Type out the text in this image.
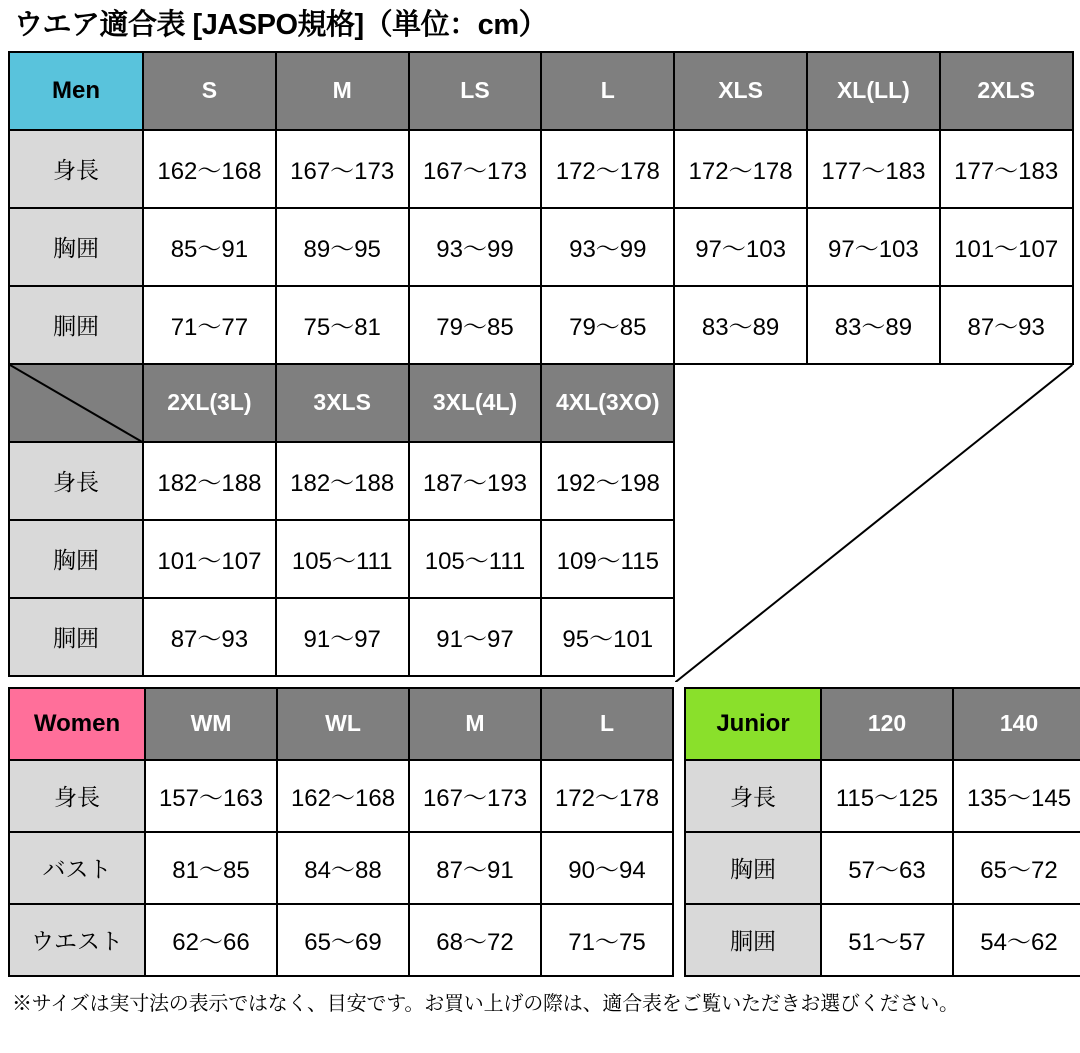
ウエア適合表 [JASPO規格]（単位：cm）
Men	S	M	LS	L	XLS	XL(LL)	2XLS
身長	162〜168	167〜173	167〜173	172〜178	172〜178	177〜183	177〜183
胸囲	85〜91	89〜95	93〜99	93〜99	97〜103	97〜103	101〜107
胴囲	71〜77	75〜81	79〜85	79〜85	83〜89	83〜89	87〜93

	2XL(3L)	3XLS	3XL(4L)	4XL(3XO)	

身長	182〜188	182〜188	187〜193	192〜198			
胸囲	101〜107	105〜111	105〜111	109〜115			
胴囲	87〜93	91〜97	91〜97	95〜101			
Women	WM	WL	M	L
身長	157〜163	162〜168	167〜173	172〜178
バスト	81〜85	84〜88	87〜91	90〜94
ウエスト	62〜66	65〜69	68〜72	71〜75
Junior	120	140
身長	115〜125	135〜145
胸囲	57〜63	65〜72
胴囲	51〜57	54〜62
※サイズは実寸法の表示ではなく、目安です。お買い上げの際は、適合表をご覧いただきお選びください。
